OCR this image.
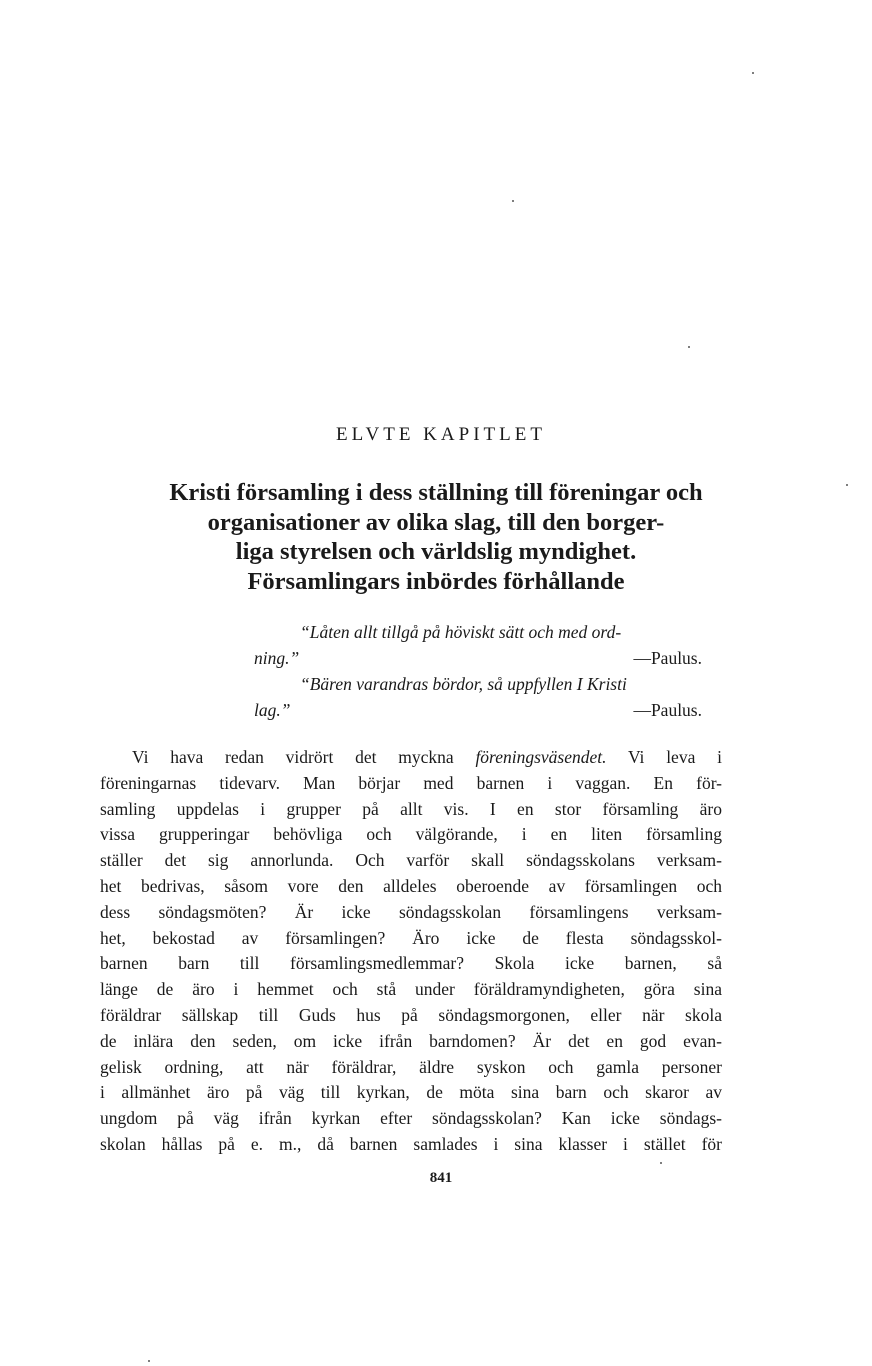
ELVTE KAPITLET
Kristi församling i dess ställning till föreningar och
organisationer av olika slag, till den borger-
liga styrelsen och världslig myndighet.
Församlingars inbördes förhållande
“Låten allt tillgå på höviskt sätt och med ord-
ning.”	—Paulus.
“Bären varandras bördor, så uppfyllen I Kristi
lag.”	—Paulus.
Vi hava redan vidrört det myckna föreningsväsendet. Vi leva i
föreningarnas tidevarv. Man börjar med barnen i vaggan. En för-
samling uppdelas i grupper på allt vis. I en stor församling äro
vissa grupperingar behövliga och välgörande, i en liten församling
ställer det sig annorlunda. Och varför skall söndagsskolans verksam-
het bedrivas, såsom vore den alldeles oberoende av församlingen och
dess söndagsmöten? Är icke söndagsskolan församlingens verksam-
het, bekostad av församlingen? Äro icke de flesta söndagsskol-
barnen barn till församlingsmedlemmar? Skola icke barnen, så
länge de äro i hemmet och stå under föräldramyndigheten, göra sina
föräldrar sällskap till Guds hus på söndagsmorgonen, eller när skola
de inlära den seden, om icke ifrån barndomen? Är det en god evan-
gelisk ordning, att när föräldrar, äldre syskon och gamla personer
i allmänhet äro på väg till kyrkan, de möta sina barn och skaror av
ungdom på väg ifrån kyrkan efter söndagsskolan? Kan icke söndags-
skolan hållas på e. m., då barnen samlades i sina klasser i stället för
841
